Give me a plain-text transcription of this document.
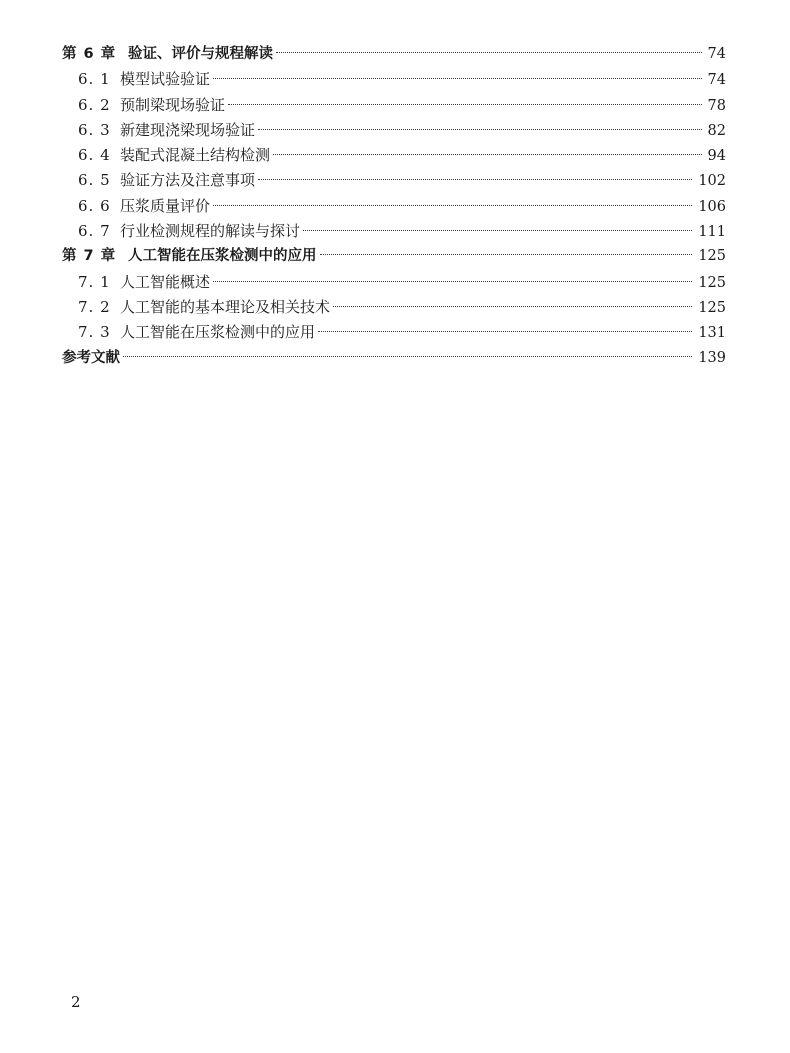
第 6 章 验证、评价与规程解读	74
6. 1 模型试验验证	74
6. 2 预制梁现场验证	78
6. 3 新建现浇梁现场验证	82
6. 4 装配式混凝土结构检测	94
6. 5 验证方法及注意事项	102
6. 6 压浆质量评价	106
6. 7 行业检测规程的解读与探讨	111
第 7 章 人工智能在压浆检测中的应用	125
7. 1 人工智能概述	125
7. 2 人工智能的基本理论及相关技术	125
7. 3 人工智能在压浆检测中的应用	131
参考文献	139
2
